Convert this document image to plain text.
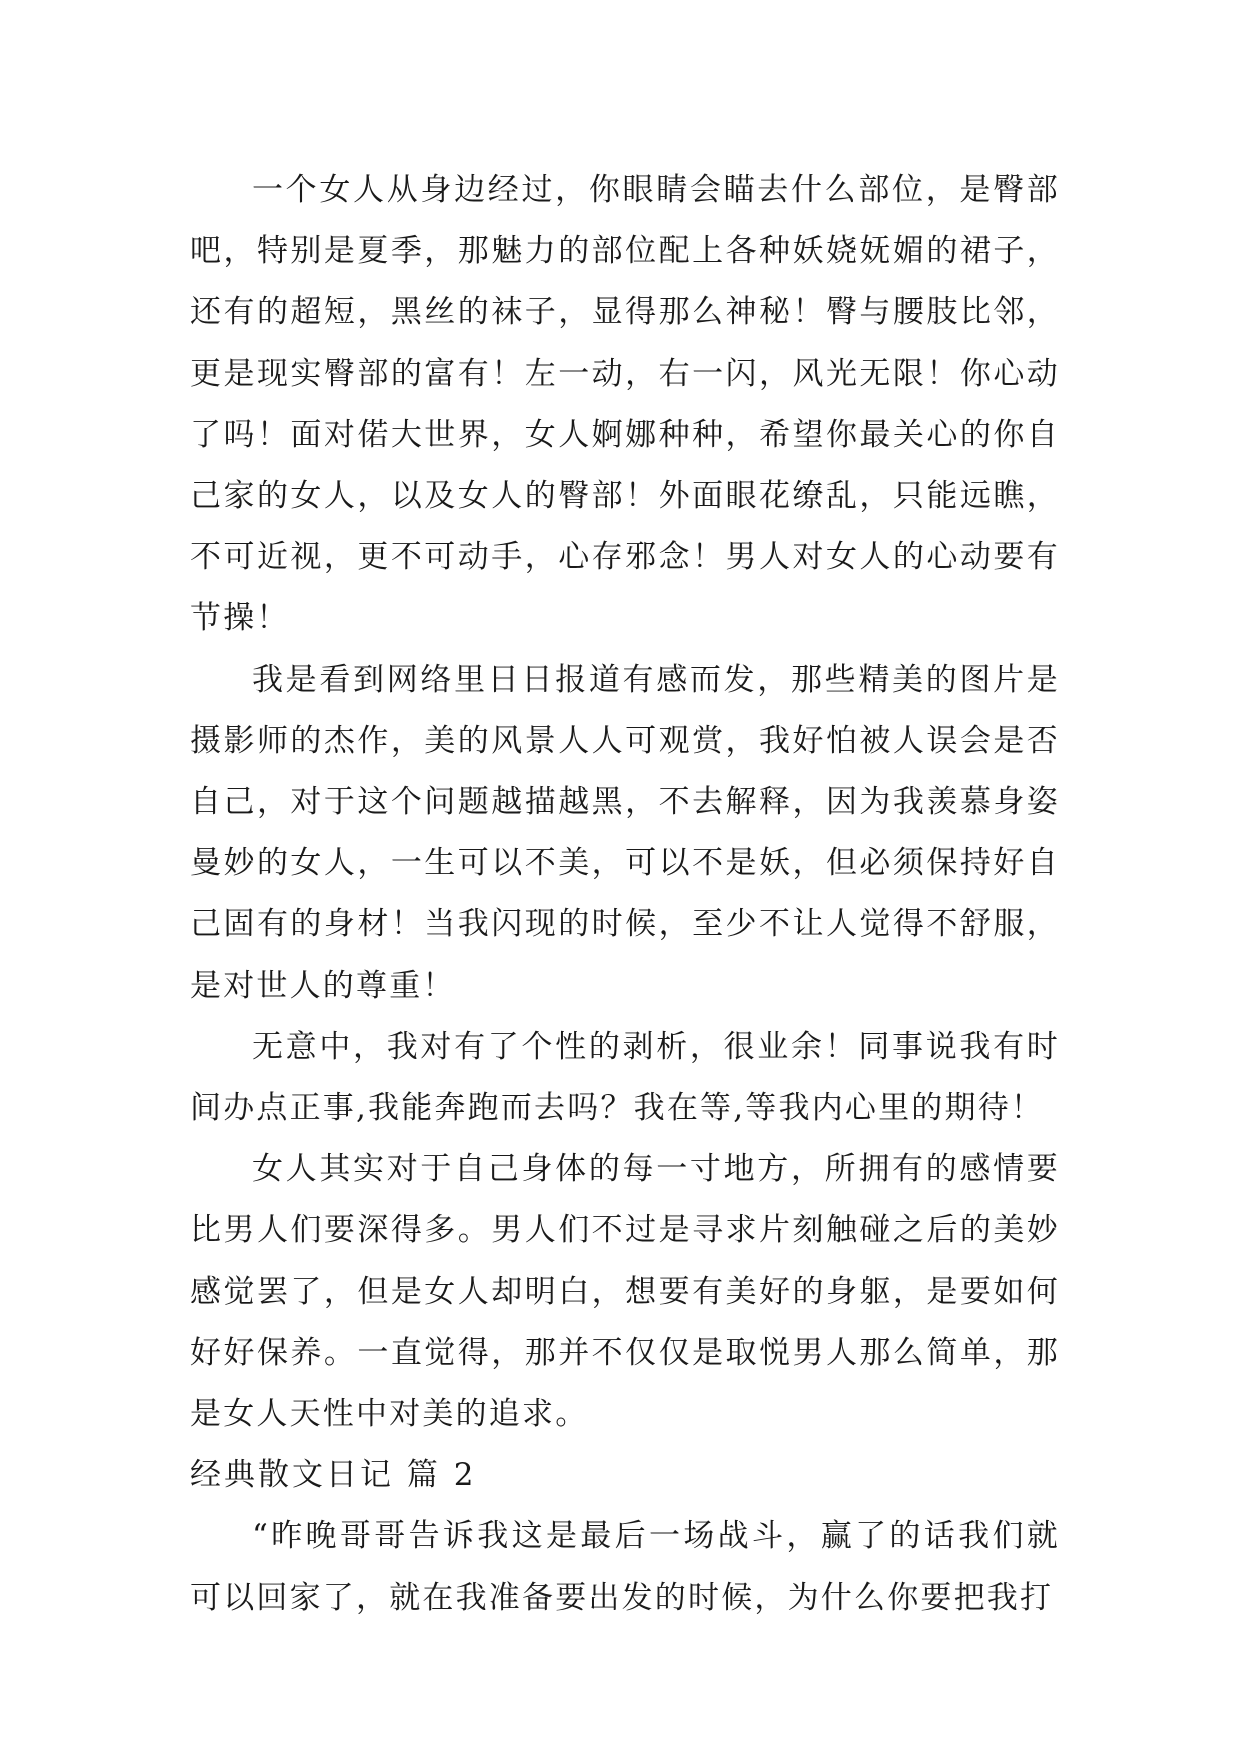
一个女人从身边经过，你眼睛会瞄去什么部位，是臀部吧，特别是夏季，那魅力的部位配上各种妖娆妩媚的裙子，还有的超短，黑丝的袜子，显得那么神秘！臀与腰肢比邻，更是现实臀部的富有！左一动，右一闪，风光无限！你心动了吗！面对偌大世界，女人婀娜种种，希望你最关心的你自己家的女人，以及女人的臀部！外面眼花缭乱，只能远瞧，不可近视，更不可动手，心存邪念！男人对女人的心动要有节操！

我是看到网络里日日报道有感而发，那些精美的图片是摄影师的杰作，美的风景人人可观赏，我好怕被人误会是否自己，对于这个问题越描越黑，不去解释，因为我羡慕身姿曼妙的女人，一生可以不美，可以不是妖，但必须保持好自己固有的身材！当我闪现的时候，至少不让人觉得不舒服，是对世人的尊重！

无意中，我对有了个性的剥析，很业余！同事说我有时间办点正事,我能奔跑而去吗？我在等,等我内心里的期待！

女人其实对于自己身体的每一寸地方，所拥有的感情要比男人们要深得多。男人们不过是寻求片刻触碰之后的美妙感觉罢了，但是女人却明白，想要有美好的身躯，是要如何好好保养。一直觉得，那并不仅仅是取悦男人那么简单，那是女人天性中对美的追求。

经典散文日记 篇 2

“昨晚哥哥告诉我这是最后一场战斗，赢了的话我们就可以回家了，就在我准备要出发的时候，为什么你要把我打
